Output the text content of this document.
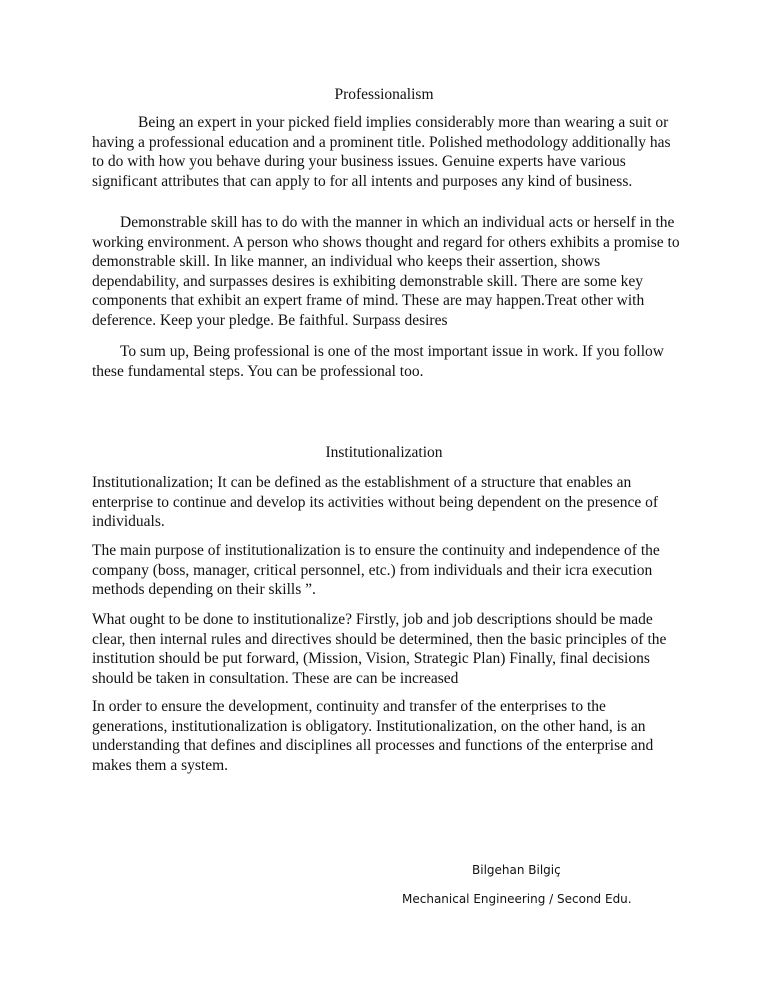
Professionalism

Being an expert in your picked field implies considerably more than wearing a suit or having a professional education and a prominent title. Polished methodology additionally has to do with how you behave during your business issues. Genuine experts have various significant attributes that can apply to for all intents and purposes any kind of business.

Demonstrable skill has to do with the manner in which an individual acts or herself in the working environment. A person who shows thought and regard for others exhibits a promise to demonstrable skill. In like manner, an individual who keeps their assertion, shows dependability, and surpasses desires is exhibiting demonstrable skill. There are some key components that exhibit an expert frame of mind. These are may happen.Treat other with deference. Keep your pledge. Be faithful. Surpass desires

To sum up, Being professional is one of the most important issue in work. If you follow these fundamental steps. You can be professional too.

Institutionalization

Institutionalization; It can be defined as the establishment of a structure that enables an enterprise to continue and develop its activities without being dependent on the presence of individuals.

The main purpose of institutionalization is to ensure the continuity and independence of the company (boss, manager, critical personnel, etc.) from individuals and their icra execution methods depending on their skills ”.

What ought to be done to institutionalize? Firstly, job and job descriptions should be made clear, then internal rules and directives should be determined, then the basic principles of the institution should be put forward, (Mission, Vision, Strategic Plan) Finally, final decisions should be taken in consultation. These are can be increased

In order to ensure the development, continuity and transfer of the enterprises to the generations, institutionalization is obligatory. Institutionalization, on the other hand, is an understanding that defines and disciplines all processes and functions of the enterprise and makes them a system.

Bilgehan Bilgiç
Mechanical Engineering / Second Edu.
